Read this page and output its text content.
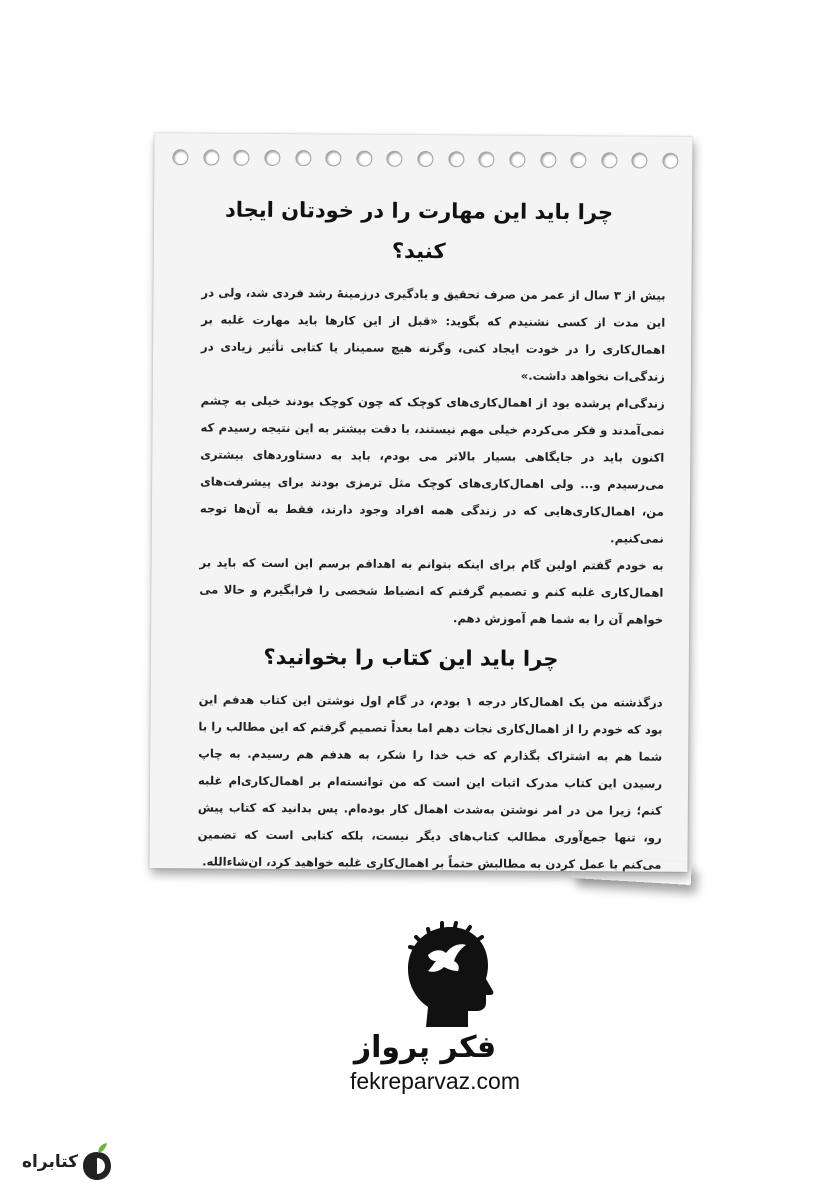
چرا باید این مهارت را در خودتان ایجاد کنید؟

بیش از ۳ سال از عمر من صرف تحقیق و یادگیری درزمینهٔ رشد فردی شد، ولی در این مدت از کسی نشنیدم که بگوید: «قبل از این کارها باید مهارت غلبه بر اهمال‌کاری را در خودت ایجاد کنی، وگرنه هیچ سمینار یا کتابی تأثیر زیادی در زندگی‌ات نخواهد داشت.»

زندگی‌ام پرشده بود از اهمال‌کاری‌های کوچک که چون کوچک بودند خیلی به چشم نمی‌آمدند و فکر می‌کردم خیلی مهم نیستند، با دقت بیشتر به این نتیجه رسیدم که اکنون باید در جایگاهی بسیار بالاتر می بودم، باید به دستاوردهای بیشتری می‌رسیدم و... ولی اهمال‌کاری‌های کوچک مثل ترمزی بودند برای پیشرفت‌های من، اهمال‌کاری‌هایی که در زندگی همه افراد وجود دارند، فقط به آن‌ها توجه نمی‌کنیم.

به خودم گفتم اولین گام برای اینکه بتوانم به اهدافم برسم این است که باید بر اهمال‌کاری غلبه کنم و تصمیم گرفتم که انضباط شخصی را فرابگیرم و حالا می خواهم آن را به شما هم آموزش دهم.

چرا باید این کتاب را بخوانید؟

درگذشته من یک اهمال‌کار درجه ۱ بودم، در گام اول نوشتن این کتاب هدفم این بود که خودم را از اهمال‌کاری نجات دهم اما بعداً تصمیم گرفتم که این مطالب را با شما هم به اشتراک بگذارم که خب خدا را شکر، به هدفم هم رسیدم. به چاپ رسیدن این کتاب مدرک اثبات این است که من توانسته‌ام بر اهمال‌کاری‌ام غلبه کنم؛ زیرا من در امر نوشتن به‌شدت اهمال کار بوده‌ام. پس بدانید که کتاب پیش رو، تنها جمع‌آوری مطالب کتاب‌های دیگر نیست، بلکه کتابی است که تضمین می‌کنم با عمل کردن به مطالبش حتماً بر اهمال‌کاری غلبه خواهید کرد، ان‌شاءالله.

فکر پرواز
fekreparvaz.com
کتابراه
